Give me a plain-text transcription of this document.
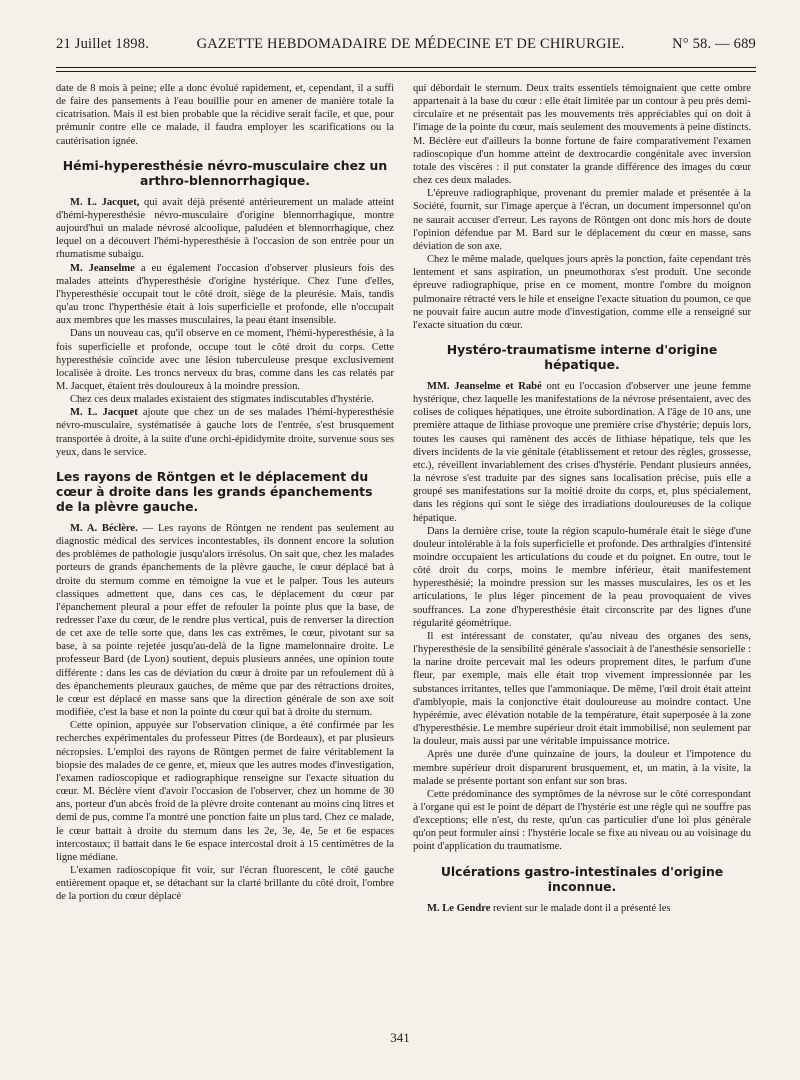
21 Juillet 1898.	GAZETTE HEBDOMADAIRE DE MÉDECINE ET DE CHIRURGIE.	N° 58. — 689

date de 8 mois à peine; elle a donc évolué rapidement, et, cependant, il a suffi de faire des pansements à l'eau bouillie pour en amener de manière totale la cicatrisation. Mais il est bien probable que la récidive serait facile, et que, pour prémunir contre elle ce malade, il faudra employer les scarifications ou la cautérisation ignée.

Hémi-hyperesthésie névro-musculaire chez un arthro-blennorrhagique.

M. L. Jacquet, qui avait déjà présenté antérieurement un malade atteint d'hémi-hyperesthésie névro-musculaire d'origine blennorrhagique, montre aujourd'hui un malade névrosé alcoolique, paludéen et blennorrhagique, chez lequel on a découvert l'hémi-hyperesthésie à l'occasion de son entrée pour un rhumatisme subaigu.

M. Jeanselme a eu également l'occasion d'observer plusieurs fois des malades atteints d'hyperesthésie d'origine hystérique. Chez l'une d'elles, l'hyperesthésie occupait tout le côté droit, siège de la pleurésie. Mais, tandis qu'au tronc l'hyperthésie était à lois superficielle et profonde, elle n'occupait aux membres que les masses musculaires, la peau étant insensible.

Dans un nouveau cas, qu'il observe en ce moment, l'hémi-hyperesthésie, à la fois superficielle et profonde, occupe tout le côté droit du corps. Cette hyperesthésie coïncide avec une lésion tuberculeuse presque exclusivement localisée à droite. Les troncs nerveux du bras, comme dans les cas relatés par M. Jacquet, étaient très douloureux à la moindre pression.

Chez ces deux malades existaient des stigmates indiscutables d'hystérie.

M. L. Jacquet ajoute que chez un de ses malades l'hémi-hyperesthésie névro-musculaire, systématisée à gauche lors de l'entrée, s'est brusquement transportée à droite, à la suite d'une orchi-épididymite droite, survenue sous ses yeux, dans le service.

Les rayons de Röntgen et le déplacement du cœur à droite dans les grands épanchements de la plèvre gauche.

M. A. Béclère. — Les rayons de Röntgen ne rendent pas seulement au diagnostic médical des services incontestables, ils donnent encore la solution des problèmes de pathologie jusqu'alors irrésolus. On sait que, chez les malades porteurs de grands épanchements de la plèvre gauche, le cœur déplacé bat à droite du sternum comme en témoigne la vue et le palper. Tous les auteurs classiques admettent que, dans ces cas, le déplacement du cœur par l'épanchement pleural a pour effet de refouler la pointe plus que la base, de redresser l'axe du cœur, de le rendre plus vertical, puis de renverser la direction de cet axe de telle sorte que, dans les cas extrêmes, le cœur, pivotant sur sa base, à sa pointe rejetée jusqu'au-delà de la ligne mamelonnaire droite. Le professeur Bard (de Lyon) soutient, depuis plusieurs années, une opinion toute différente : dans les cas de déviation du cœur à droite par un refoulement dû à des épanchements pleuraux gauches, de même que par des rétractions droites, le cœur est déplacé en masse sans que la direction générale de son axe soit modifiée, c'est la base et non la pointe du cœur qui bat à droite du sternum.

Cette opinion, appuyée sur l'observation clinique, a été confirmée par les recherches expérimentales du professeur Pitres (de Bordeaux), et par plusieurs nécropsies. L'emploi des rayons de Röntgen permet de faire véritablement la biopsie des malades de ce genre, et, mieux que les autres modes d'investigation, l'examen radioscopique et radiographique renseigne sur l'exacte situation du cœur. M. Béclère vient d'avoir l'occasion de l'observer, chez un homme de 30 ans, porteur d'un abcès froid de la plèvre droite contenant au moins cinq litres et demi de pus, comme l'a montré une ponction faite un plus tard. Chez ce malade, le cœur battait à droite du sternum dans les 2e, 3e, 4e, 5e et 6e espaces intercostaux; il battait dans le 6e espace intercostal droit à 15 centimètres de la ligne médiane.

L'examen radioscopique fit voir, sur l'écran fluorescent, le côté gauche entièrement opaque et, se détachant sur la clarté brillante du côté droit, l'ombre de la portion du cœur déplacé

qui débordait le sternum. Deux traits essentiels témoignaient que cette ombre appartenait à la base du cœur : elle était limitée par un contour à peu près demi-circulaire et ne présentait pas les mouvements très appréciables qui on doit à l'image de la pointe du cœur, mais seulement des mouvements à peine distincts. M. Béclère eut d'ailleurs la bonne fortune de faire comparativement l'examen radioscopique d'un homme atteint de dextrocardie congénitale avec inversion totale des viscères : il put constater la grande différence des images du cœur chez ces deux malades.

L'épreuve radiographique, provenant du premier malade et présentée à la Société, fournit, sur l'image aperçue à l'écran, un document impersonnel qu'on ne saurait accuser d'erreur. Les rayons de Röntgen ont donc mis hors de doute l'opinion défendue par M. Bard sur le déplacement du cœur en masse, sans déviation de son axe.

Chez le même malade, quelques jours après la ponction, faite cependant très lentement et sans aspiration, un pneumothorax s'est produit. Une seconde épreuve radiographique, prise en ce moment, montre l'ombre du moignon pulmonaire rétracté vers le hile et enseigne l'exacte situation du poumon, ce que ne pouvait faire aucun autre mode d'investigation, comme elle a renseigné sur l'exacte situation du cœur.

Hystéro-traumatisme interne d'origine hépatique.

MM. Jeanselme et Rabé ont eu l'occasion d'observer une jeune femme hystérique, chez laquelle les manifestations de la névrose présentaient, avec des colises de coliques hépatiques, une étroite subordination. A l'âge de 10 ans, une première attaque de lithiase provoque une première crise d'hystérie; depuis lors, toutes les causes qui ramènent des accès de lithiase hépatique, tels que les divers incidents de la vie génitale (établissement et retour des règles, grossesse, etc.), réveillent invariablement des crises d'hystérie. Pendant plusieurs années, la névrose s'est traduite par des signes sans localisation précise, puis elle a groupé ses manifestations sur la moitié droite du corps, et, plus spécialement, dans les régions qui sont le siège des irradiations douloureuses de la colique hépatique.

Dans la dernière crise, toute la région scapulo-humérale était le siège d'une douleur intolérable à la fois superficielle et profonde. Des arthralgies d'intensité moindre occupaient les articulations du coude et du poignet. En outre, tout le côté droit du corps, moins le membre inférieur, était manifestement hyperesthésié; la moindre pression sur les masses musculaires, les os et les articulations, le plus léger pincement de la peau provoquaient de vives souffrances. La zone d'hyperesthésie était circonscrite par des lignes d'une régularité géométrique.

Il est intéressant de constater, qu'au niveau des organes des sens, l'hyperesthésie de la sensibilité générale s'associait à de l'anesthésie sensorielle : la narine droite percevait mal les odeurs proprement dites, le parfum d'une fleur, par exemple, mais elle était trop vivement impressionnée par les substances irritantes, telles que l'ammoniaque. De même, l'œil droit était atteint d'amblyopie, mais la conjonctive était douloureuse au moindre contact. Une hypérémie, avec élévation notable de la température, était superposée à la zone d'hyperesthésie. Le membre supérieur droit était immobilisé, non seulement par la douleur, mais aussi par une véritable impuissance motrice.

Après une durée d'une quinzaine de jours, la douleur et l'impotence du membre supérieur droit disparurent brusquement, et, un matin, à la visite, la malade se présente portant son enfant sur son bras.

Cette prédominance des symptômes de la névrose sur le côté correspondant à l'organe qui est le point de départ de l'hystérie est une règle qui ne souffre pas d'exceptions; elle n'est, du reste, qu'un cas particulier d'une loi plus générale qu'on peut formuler ainsi : l'hystérie locale se fixe au niveau ou au voisinage du point d'application du traumatisme.

Ulcérations gastro-intestinales d'origine inconnue.

M. Le Gendre revient sur le malade dont il a présenté les

341
